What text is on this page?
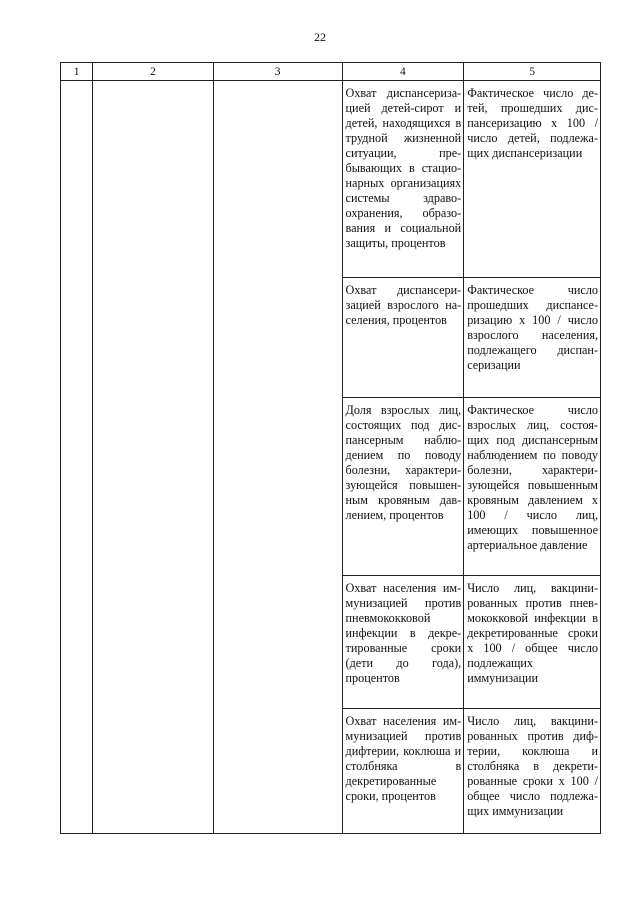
22
1	2	3	4	5

			Охват диспансеризацией детей-сирот и детей, находящихся в трудной жизненной ситуации, пребывающих в стационарных организациях системы здравоохранения, образования и социальной защиты, процентов	Фактическое число детей, прошедших диспансеризацию x 100 / число детей, подлежащих диспансеризации

			Охват диспансеризацией взрослого населения, процентов	Фактическое число прошедших диспансеризацию x 100 / число взрослого населения, подлежащего диспансеризации

			Доля взрослых лиц, состоящих под диспансерным наблюдением по поводу болезни, характеризующейся повышенным кровяным давлением, процентов	Фактическое число взрослых лиц, состоящих под диспансерным наблюдением по поводу болезни, характеризующейся повышенным кровяным давлением x 100 / число лиц, имеющих повышенное артериальное давление

			Охват населения иммунизацией против пневмококковой инфекции в декретированные сроки (дети до года), процентов	Число лиц, вакцинированных против пневмококковой инфекции в декретированные сроки x 100 / общее число подлежащих иммунизации

			Охват населения иммунизацией против дифтерии, коклюша и столбняка в декретированные сроки, процентов	Число лиц, вакцинированных против дифтерии, коклюша и столбняка в декретированные сроки x 100 / общее число подлежащих иммунизации
